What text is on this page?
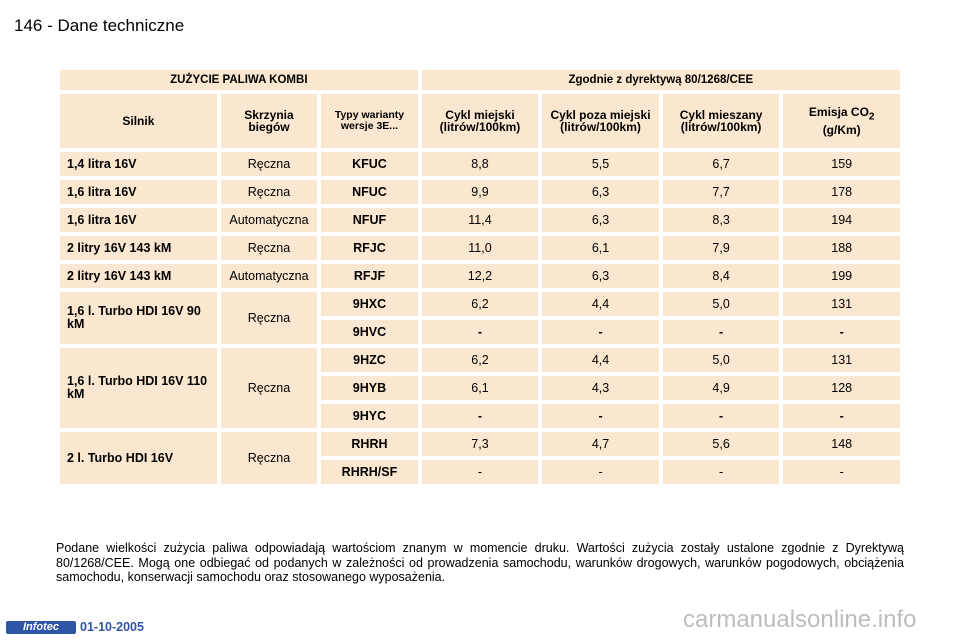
146 - Dane techniczne
ZUŻYCIE PALIWA KOMBI			Zgodnie z dyrektywą 80/1268/CEE			
Silnik	Skrzynia biegów	Typy warianty wersje 3E...	Cykl miejski (litrów/100km)	Cykl poza miejski (litrów/100km)	Cykl mieszany (litrów/100km)	Emisja $CO_2$
(g/Km)
1,4 litra 16V	Ręczna	KFUC	8,8	5,5	6,7	159
1,6 litra 16V	Ręczna	NFUC	9,9	6,3	7,7	178
1,6 litra 16V	Automatyczna	NFUF	11,4	6,3	8,3	194
2 litry 16V 143 kM	Ręczna	RFJC	11,0	6,1	7,9	188
2 litry 16V 143 kM	Automatyczna	RFJF	12,2	6,3	8,4	199
1,6 l. Turbo HDI 16V 90 kM	Ręczna	9HXC	6,2	4,4	5,0	131
		9HVC	-	-	-	-
1,6 l. Turbo HDI 16V 110 kM	Ręczna	9HZC	6,2	4,4	5,0	131
		9HYB	6,1	4,3	4,9	128
		9HYC	-	-	-	-
2 l. Turbo HDI 16V	Ręczna	RHRH	7,3	4,7	5,6	148
		RHRH/SF	-	-	-	-
Podane wielkości zużycia paliwa odpowiadają wartościom znanym w momencie druku. Wartości zużycia zostały ustalone zgodnie z Dyrektywą 80/1268/CEE. Mogą one odbiegać od podanych w zależności od prowadzenia samochodu, warunków drogowych, warunków pogodowych, obciążenia samochodu, konserwacji samochodu oraz stosowanego wyposażenia.
Infotec	01-10-2005	carmanualsonline.info
